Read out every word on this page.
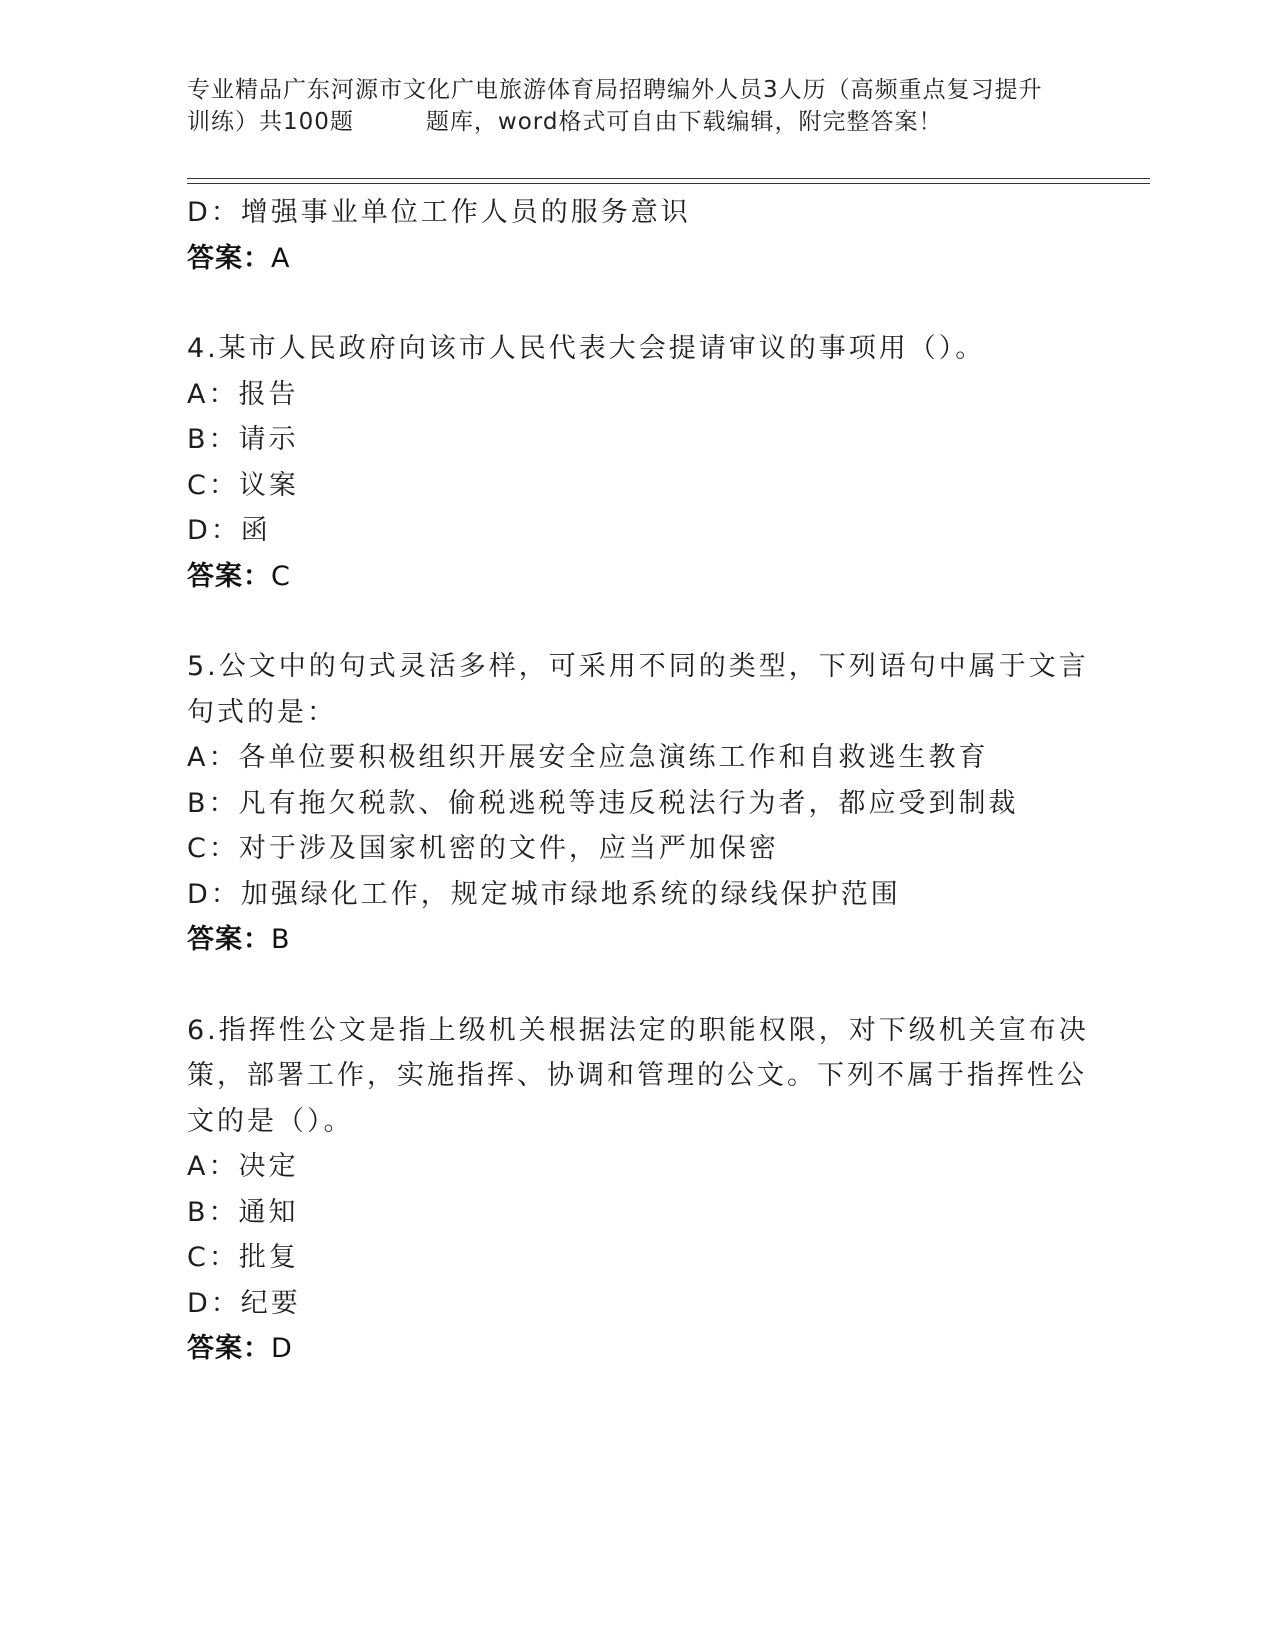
专业精品广东河源市文化广电旅游体育局招聘编外人员3人历（高频重点复习提升
训练）共100题	题库，word格式可自由下载编辑，附完整答案！
D：增强事业单位工作人员的服务意识
答案：A
4.某市人民政府向该市人民代表大会提请审议的事项用（）。
A：报告
B：请示
C：议案
D：函
答案：C
5.公文中的句式灵活多样，可采用不同的类型，下列语句中属于文言
句式的是：
A：各单位要积极组织开展安全应急演练工作和自救逃生教育
B：凡有拖欠税款、偷税逃税等违反税法行为者，都应受到制裁
C：对于涉及国家机密的文件，应当严加保密
D：加强绿化工作，规定城市绿地系统的绿线保护范围
答案：B
6.指挥性公文是指上级机关根据法定的职能权限，对下级机关宣布决
策，部署工作，实施指挥、协调和管理的公文。下列不属于指挥性公
文的是（）。
A：决定
B：通知
C：批复
D：纪要
答案：D
